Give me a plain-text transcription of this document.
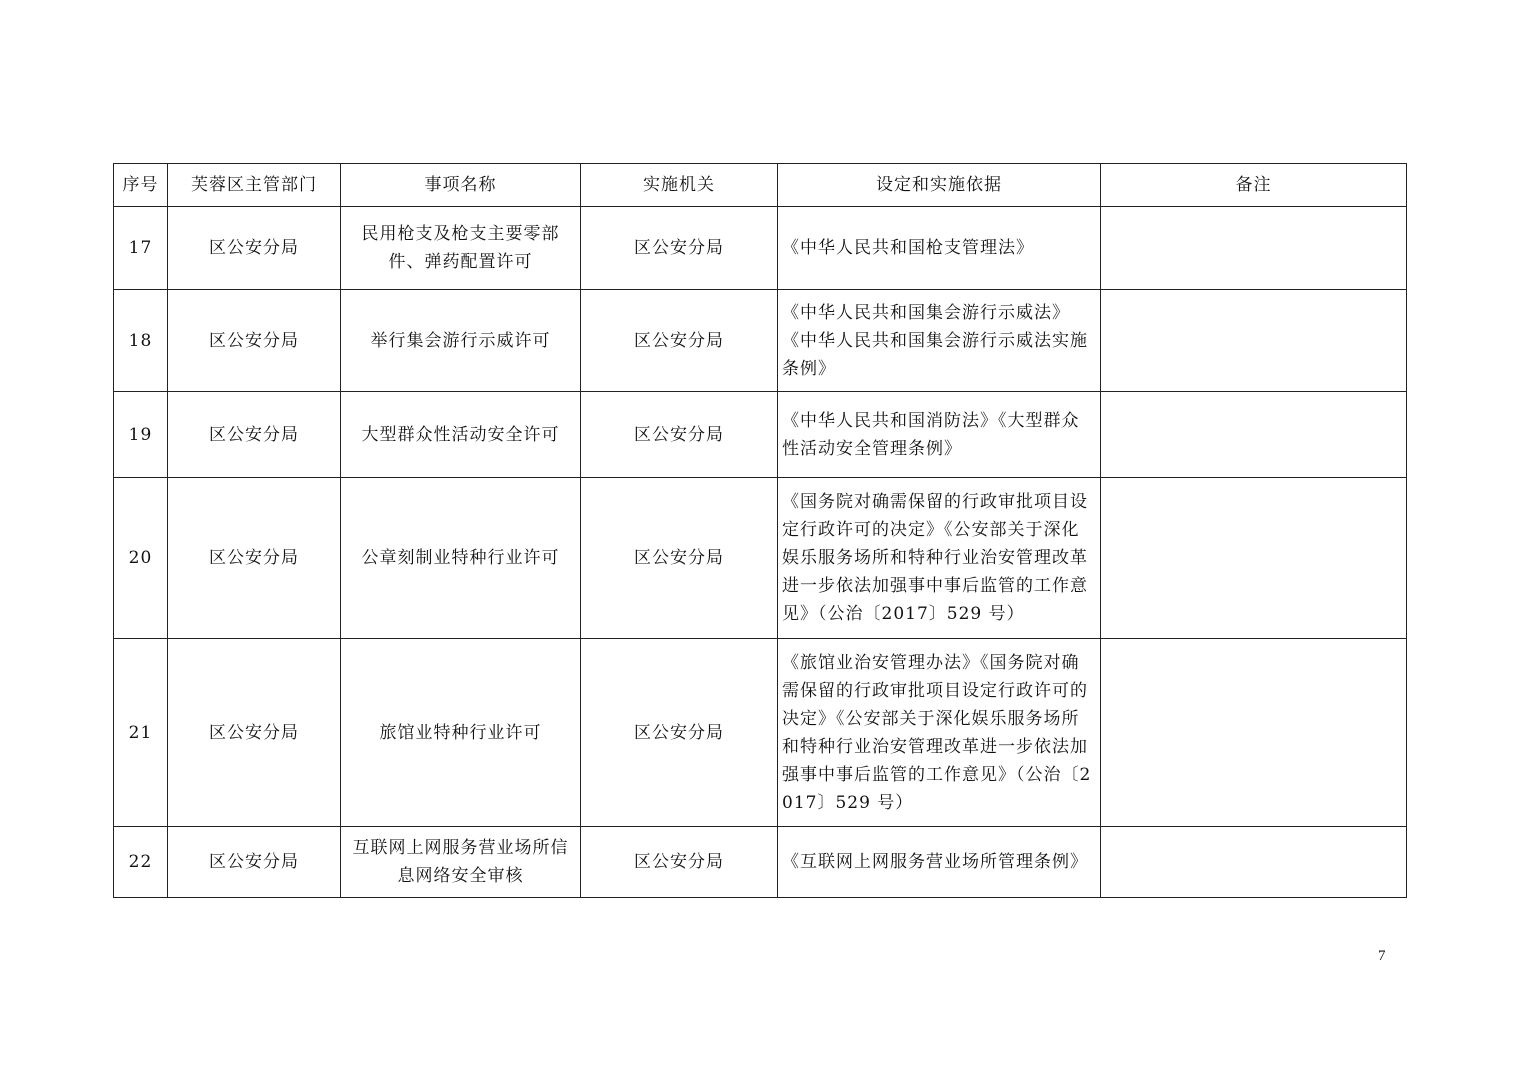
序号	芙蓉区主管部门	事项名称	实施机关	设定和实施依据	备注
17	区公安分局	民用枪支及枪支主要零部件、弹药配置许可	区公安分局	《中华人民共和国枪支管理法》	
18	区公安分局	举行集会游行示威许可	区公安分局	《中华人民共和国集会游行示威法》《中华人民共和国集会游行示威法实施条例》	
19	区公安分局	大型群众性活动安全许可	区公安分局	《中华人民共和国消防法》《大型群众性活动安全管理条例》	
20	区公安分局	公章刻制业特种行业许可	区公安分局	《国务院对确需保留的行政审批项目设定行政许可的决定》《公安部关于深化娱乐服务场所和特种行业治安管理改革进一步依法加强事中事后监管的工作意见》（公治〔2017〕529 号）	
21	区公安分局	旅馆业特种行业许可	区公安分局	《旅馆业治安管理办法》《国务院对确需保留的行政审批项目设定行政许可的决定》《公安部关于深化娱乐服务场所和特种行业治安管理改革进一步依法加强事中事后监管的工作意见》（公治〔2017〕529 号）	
22	区公安分局	互联网上网服务营业场所信息网络安全审核	区公安分局	《互联网上网服务营业场所管理条例》	
7
